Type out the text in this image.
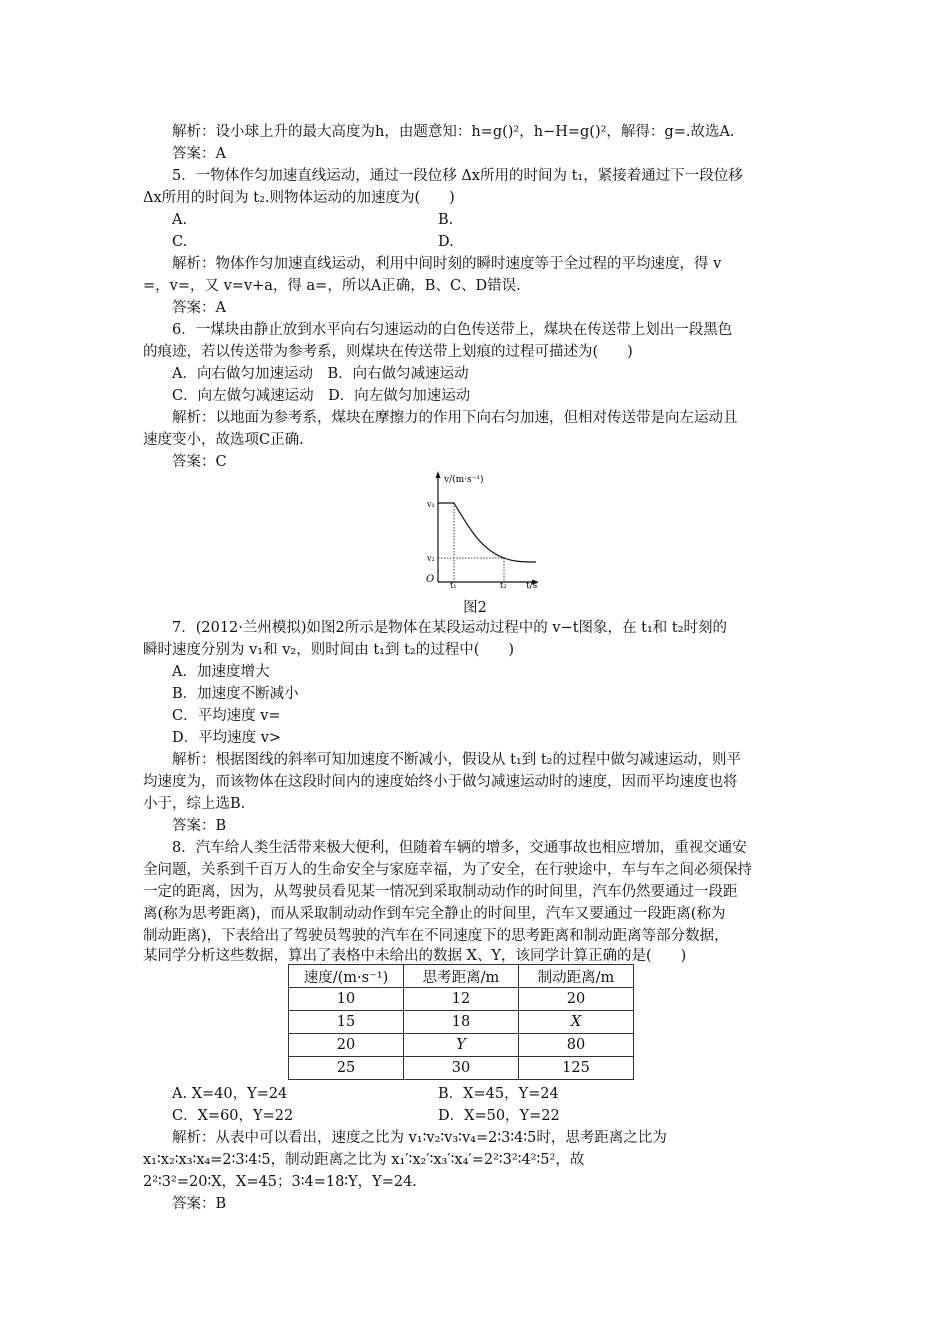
解析：设小球上升的最大高度为h，由题意知：h=g()²，h−H=g()²，解得：g=.故选A.
答案：A
5．一物体作匀加速直线运动，通过一段位移 Δx所用的时间为 t₁，紧接着通过下一段位移
Δx所用的时间为 t₂.则物体运动的加速度为(　　)
A.	B.
C.	D.
解析：物体作匀加速直线运动，利用中间时刻的瞬时速度等于全过程的平均速度，得 v
=，v=，又 v=v+a，得 a=，所以A正确，B、C、D错误.
答案：A
6．一煤块由静止放到水平向右匀速运动的白色传送带上，煤块在传送带上划出一段黑色
的痕迹，若以传送带为参考系，则煤块在传送带上划痕的过程可描述为(　　)
A．向右做匀加速运动　B．向右做匀减速运动
C．向左做匀减速运动　D．向左做匀加速运动
解析：以地面为参考系，煤块在摩擦力的作用下向右匀加速，但相对传送带是向左运动且
速度变小，故选项C正确.
答案：C
v/(m·s⁻¹)
t/s
O
v₁
v₂
t₁	t₂
图2
7．(2012·兰州模拟)如图2所示是物体在某段运动过程中的 v−t图象，在 t₁和 t₂时刻的
瞬时速度分别为 v₁和 v₂，则时间由 t₁到 t₂的过程中(　　)
A．加速度增大
B．加速度不断减小
C．平均速度 v=
D．平均速度 v>
解析：根据图线的斜率可知加速度不断减小，假设从 t₁到 t₂的过程中做匀减速运动，则平
均速度为，而该物体在这段时间内的速度始终小于做匀减速运动时的速度，因而平均速度也将
小于，综上选B.
答案：B
8．汽车给人类生活带来极大便利，但随着车辆的增多，交通事故也相应增加，重视交通安
全问题，关系到千百万人的生命安全与家庭幸福，为了安全，在行驶途中，车与车之间必须保持
一定的距离，因为，从驾驶员看见某一情况到采取制动动作的时间里，汽车仍然要通过一段距
离(称为思考距离)，而从采取制动动作到车完全静止的时间里，汽车又要通过一段距离(称为
制动距离)，下表给出了驾驶员驾驶的汽车在不同速度下的思考距离和制动距离等部分数据，
某同学分析这些数据，算出了表格中未给出的数据 X、Y，该同学计算正确的是(　　)
速度/(m·s⁻¹)	思考距离/m	制动距离/m
10	12	20
15	18	X
20	Y	80
25	30	125
A. X=40，Y=24	B．X=45，Y=24
C．X=60，Y=22	D．X=50，Y=22
解析：从表中可以看出，速度之比为 v₁∶v₂∶v₃∶v₄=2∶3∶4∶5时，思考距离之比为
x₁∶x₂∶x₃∶x₄=2∶3∶4∶5，制动距离之比为 x₁′∶x₂′∶x₃′∶x₄′=2²∶3²∶4²∶5²，故
2²∶3²=20∶X，X=45；3∶4=18∶Y，Y=24.
答案：B
